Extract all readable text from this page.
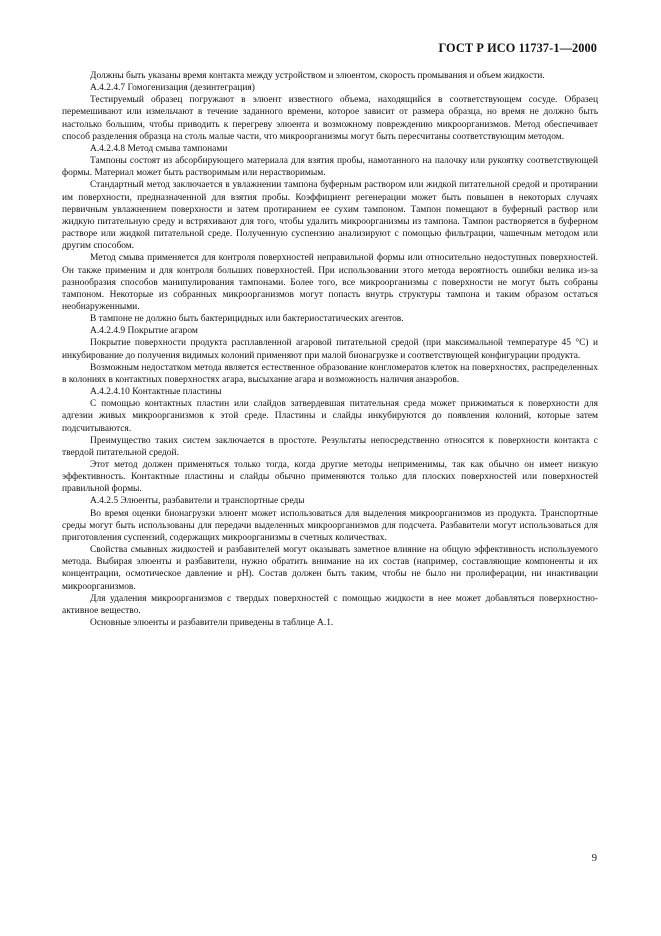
ГОСТ Р ИСО 11737-1—2000

Должны быть указаны время контакта между устройством и элюентом, скорость промывания и объем жидкости.

А.4.2.4.7 Гомогенизация (дезинтеграция)

Тестируемый образец погружают в элюент известного объема, находящийся в соответствующем сосуде. Образец перемешивают или измельчают в течение заданного времени, которое зависит от размера образца, но время не должно быть настолько большим, чтобы приводить к перегреву элюента и возможному повреждению микроорганизмов. Метод обеспечивает способ разделения образца на столь малые части, что микроорганизмы могут быть пересчитаны соответствующим методом.

А.4.2.4.8 Метод смыва тампонами

Тампоны состоят из абсорбирующего материала для взятия пробы, намотанного на палочку или рукоятку соответствующей формы. Материал может быть растворимым или нерастворимым.

Стандартный метод заключается в увлажнении тампона буферным раствором или жидкой питательной средой и протирании им поверхности, предназначенной для взятия пробы. Коэффициент регенерации может быть повышен в некоторых случаях первичным увлажнением поверхности и затем протиранием ее сухим тампоном. Тампон помещают в буферный раствор или жидкую питательную среду и встряхивают для того, чтобы удалить микроорганизмы из тампона. Тампон растворяется в буферном растворе или жидкой питательной среде. Полученную суспензию анализируют с помощью фильтрации, чашечным методом или другим способом.

Метод смыва применяется для контроля поверхностей неправильной формы или относительно недоступных поверхностей. Он также применим и для контроля больших поверхностей. При использовании этого метода вероятность ошибки велика из-за разнообразия способов манипулирования тампонами. Более того, все микроорганизмы с поверхности не могут быть собраны тампоном. Некоторые из собранных микроорганизмов могут попасть внутрь структуры тампона и таким образом остаться необнаруженными.

В тампоне не должно быть бактерицидных или бактериостатических агентов.

А.4.2.4.9 Покрытие агаром

Покрытие поверхности продукта расплавленной агаровой питательной средой (при максимальной температуре 45 °С) и инкубирование до получения видимых колоний применяют при малой бионагрузке и соответствующей конфигурации продукта.

Возможным недостатком метода является естественное образование конгломератов клеток на поверхностях, распределенных в колониях в контактных поверхностях агара, высыхание агара и возможность наличия анаэробов.

А.4.2.4.10 Контактные пластины

С помощью контактных пластин или слайдов затвердевшая питательная среда может прижиматься к поверхности для адгезии живых микроорганизмов к этой среде. Пластины и слайды инкубируются до появления колоний, которые затем подсчитываются.

Преимущество таких систем заключается в простоте. Результаты непосредственно относятся к поверхности контакта с твердой питательной средой.

Этот метод должен применяться только тогда, когда другие методы неприменимы, так как обычно он имеет низкую эффективность. Контактные пластины и слайды обычно применяются только для плоских поверхностей или поверхностей правильной формы.

А.4.2.5 Элюенты, разбавители и транспортные среды

Во время оценки бионагрузки элюент может использоваться для выделения микроорганизмов из продукта. Транспортные среды могут быть использованы для передачи выделенных микроорганизмов для подсчета. Разбавители могут использоваться для приготовления суспензий, содержащих микроорганизмы в счетных количествах.

Свойства смывных жидкостей и разбавителей могут оказывать заметное влияние на общую эффективность используемого метода. Выбирая элюенты и разбавители, нужно обратить внимание на их состав (например, составляющие компоненты и их концентрации, осмотическое давление и рН). Состав должен быть таким, чтобы не было ни пролиферации, ни инактивации микроорганизмов.

Для удаления микроорганизмов с твердых поверхностей с помощью жидкости в нее может добавляться поверхностно-активное вещество.

Основные элюенты и разбавители приведены в таблице А.1.

9
